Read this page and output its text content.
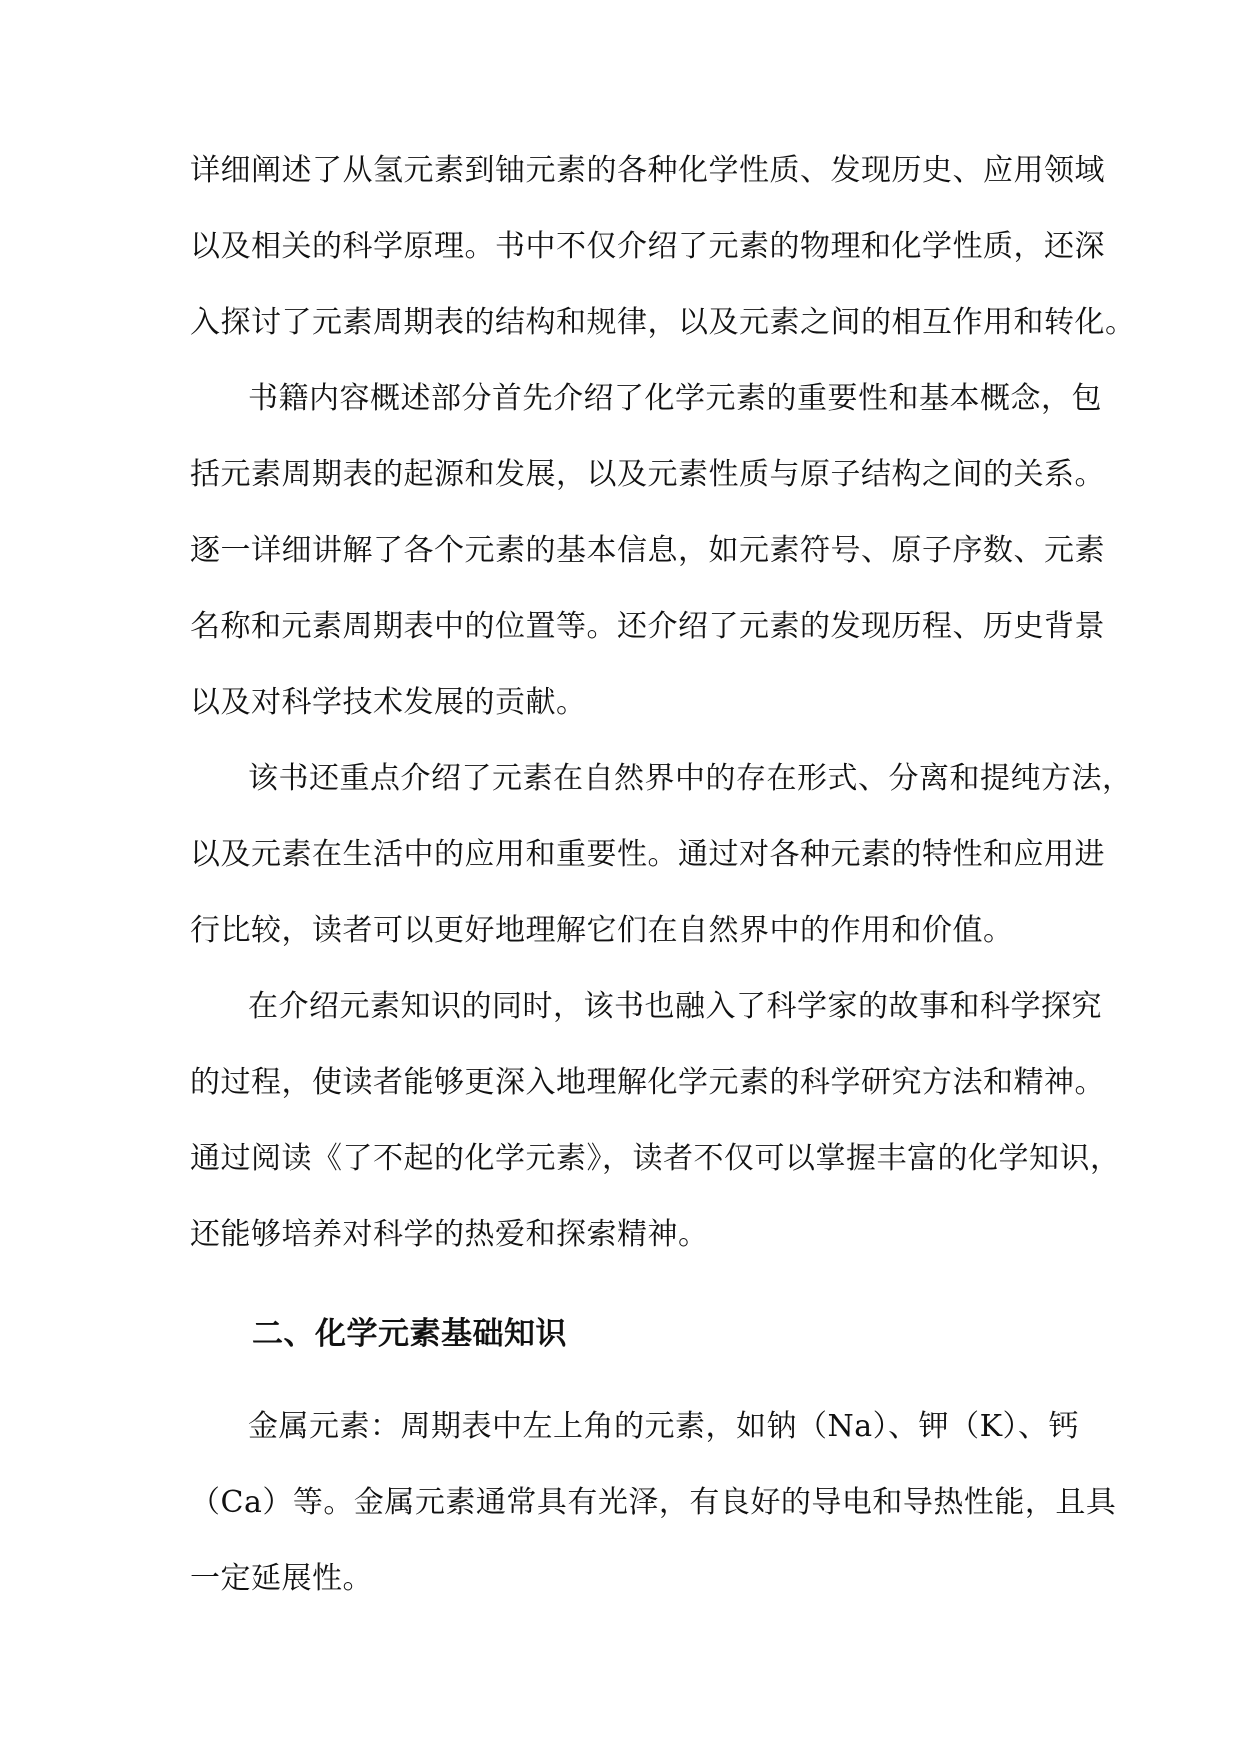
详细阐述了从氢元素到铀元素的各种化学性质、发现历史、应用领域
以及相关的科学原理。书中不仅介绍了元素的物理和化学性质，还深
入探讨了元素周期表的结构和规律，以及元素之间的相互作用和转化。
书籍内容概述部分首先介绍了化学元素的重要性和基本概念，包
括元素周期表的起源和发展，以及元素性质与原子结构之间的关系。
逐一详细讲解了各个元素的基本信息，如元素符号、原子序数、元素
名称和元素周期表中的位置等。还介绍了元素的发现历程、历史背景
以及对科学技术发展的贡献。
该书还重点介绍了元素在自然界中的存在形式、分离和提纯方法，
以及元素在生活中的应用和重要性。通过对各种元素的特性和应用进
行比较，读者可以更好地理解它们在自然界中的作用和价值。
在介绍元素知识的同时，该书也融入了科学家的故事和科学探究
的过程，使读者能够更深入地理解化学元素的科学研究方法和精神。
通过阅读《了不起的化学元素》，读者不仅可以掌握丰富的化学知识，
还能够培养对科学的热爱和探索精神。
二、化学元素基础知识
金属元素：周期表中左上角的元素，如钠（Na）、钾（K）、钙
（Ca）等。金属元素通常具有光泽，有良好的导电和导热性能，且具
一定延展性。
